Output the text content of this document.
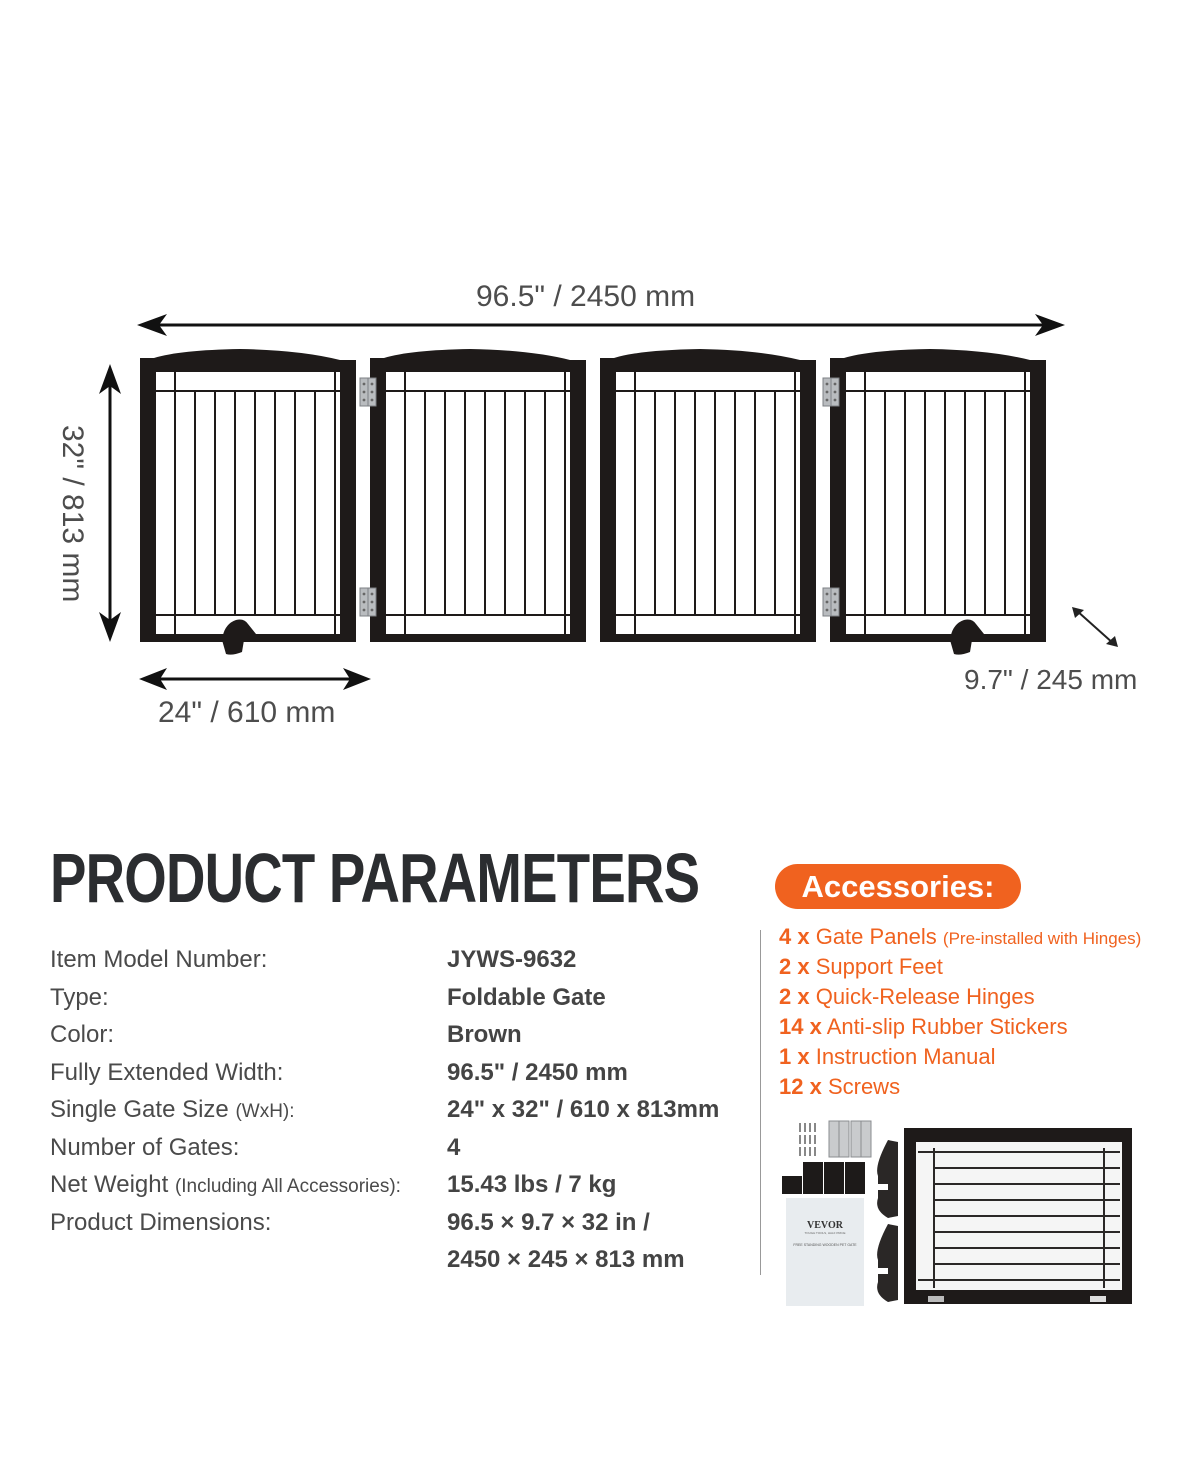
96.5" / 2450 mm
32" / 813 mm
24" / 610 mm
9.7" / 245 mm
PRODUCT PARAMETERS
Item Model Number:	JYWS-9632
Type:	Foldable Gate
Color:	Brown
Fully Extended Width:	96.5" / 2450 mm
Single Gate Size (WxH):	24" x 32" / 610 x 813mm
Number of Gates:	4
Net Weight (Including All Accessories): 15.43 lbs / 7 kg
Product Dimensions:	96.5 × 9.7 × 32 in /
2450 × 245 × 813 mm
Accessories:
4 x Gate Panels (Pre-installed with Hinges)
2 x Support Feet
2 x Quick-Release Hinges
14 x Anti-slip Rubber Stickers
1 x Instruction Manual
12 x Screws
VEVOR
TOUGH TOOLS, HALF PRICE
FREE STANDING WOODEN PET GATE
